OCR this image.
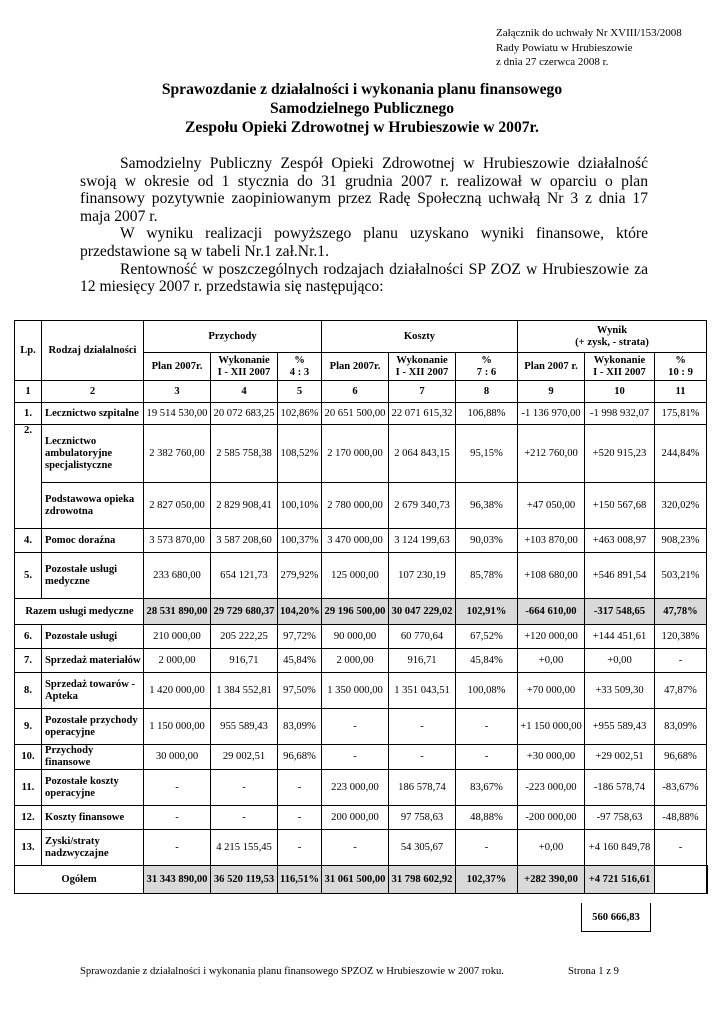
Załącznik do uchwały Nr XVIII/153/2008
Rady Powiatu w Hrubieszowie
z dnia 27 czerwca 2008 r.
Sprawozdanie z działalności i wykonania planu finansowego
Samodzielnego Publicznego
Zespołu Opieki Zdrowotnej w Hrubieszowie w 2007r.

Samodzielny Publiczny Zespół Opieki Zdrowotnej w Hrubieszowie działalność swoją w okresie od 1 stycznia do 31 grudnia 2007 r. realizował w oparciu o plan finansowy pozytywnie zaopiniowanym przez Radę Społeczną uchwałą Nr 3 z dnia 17 maja 2007 r.

W wyniku realizacji powyższego planu uzyskano wyniki finansowe, które przedstawione są w tabeli Nr.1 zał.Nr.1.

Rentowność w poszczególnych rodzajach działalności SP ZOZ w Hrubieszowie za 12 miesięcy 2007 r. przedstawia się następująco:

Lp.	Rodzaj działalności	Przychody			Koszty			Wynik
(+ zysk, - strata)		
		Plan 2007r.	Wykonanie
I - XII 2007	%
4 : 3	Plan 2007r.	Wykonanie
I - XII 2007	%
7 : 6	Plan 2007 r.	Wykonanie
I - XII 2007	%
10 : 9
1	2	3	4	5	6	7	8	9	10	11
1.	Lecznictwo szpitalne	19 514 530,00	20 072 683,25	102,86%	20 651 500,00	22 071 615,32	106,88%	-1 136 970,00	-1 998 932,07	175,81%
2.	Lecznictwo ambulatoryjne specjalistyczne	2 382 760,00	2 585 758,38	108,52%	2 170 000,00	2 064 843,15	95,15%	+212 760,00	+520 915,23	244,84%
	Podstawowa opieka zdrowotna	2 827 050,00	2 829 908,41	100,10%	2 780 000,00	2 679 340,73	96,38%	+47 050,00	+150 567,68	320,02%
4.	Pomoc doraźna	3 573 870,00	3 587 208,60	100,37%	3 470 000,00	3 124 199,63	90,03%	+103 870,00	+463 008,97	908,23%
5.	Pozostałe usługi medyczne	233 680,00	654 121,73	279,92%	125 000,00	107 230,19	85,78%	+108 680,00	+546 891,54	503,21%
Razem usługi medyczne		28 531 890,00	29 729 680,37	104,20%	29 196 500,00	30 047 229,02	102,91%	-664 610,00	-317 548,65	47,78%
6.	Pozostałe usługi	210 000,00	205 222,25	97,72%	90 000,00	60 770,64	67,52%	+120 000,00	+144 451,61	120,38%
7.	Sprzedaż materiałów	2 000,00	916,71	45,84%	2 000,00	916,71	45,84%	+0,00	+0,00	-
8.	Sprzedaż towarów - Apteka	1 420 000,00	1 384 552,81	97,50%	1 350 000,00	1 351 043,51	100,08%	+70 000,00	+33 509,30	47,87%
9.	Pozostałe przychody operacyjne	1 150 000,00	955 589,43	83,09%	-	-	-	+1 150 000,00	+955 589,43	83,09%
10.	Przychody finansowe	30 000,00	29 002,51	96,68%	-	-	-	+30 000,00	+29 002,51	96,68%
11.	Pozostałe koszty operacyjne	-	-	-	223 000,00	186 578,74	83,67%	-223 000,00	-186 578,74	-83,67%
12.	Koszty finansowe	-	-	-	200 000,00	97 758,63	48,88%	-200 000,00	-97 758,63	-48,88%
13.	Zyski/straty nadzwyczajne	-	4 215 155,45	-	-	54 305,67	-	+0,00	+4 160 849,78	-
Ogółem		31 343 890,00	36 520 119,53	116,51%	31 061 500,00	31 798 602,92	102,37%	+282 390,00	+4 721 516,61	
560 666,83
Sprawozdanie z działalności i wykonania planu finansowego SPZOZ w Hrubieszowie w 2007 roku.	Strona 1 z 9
